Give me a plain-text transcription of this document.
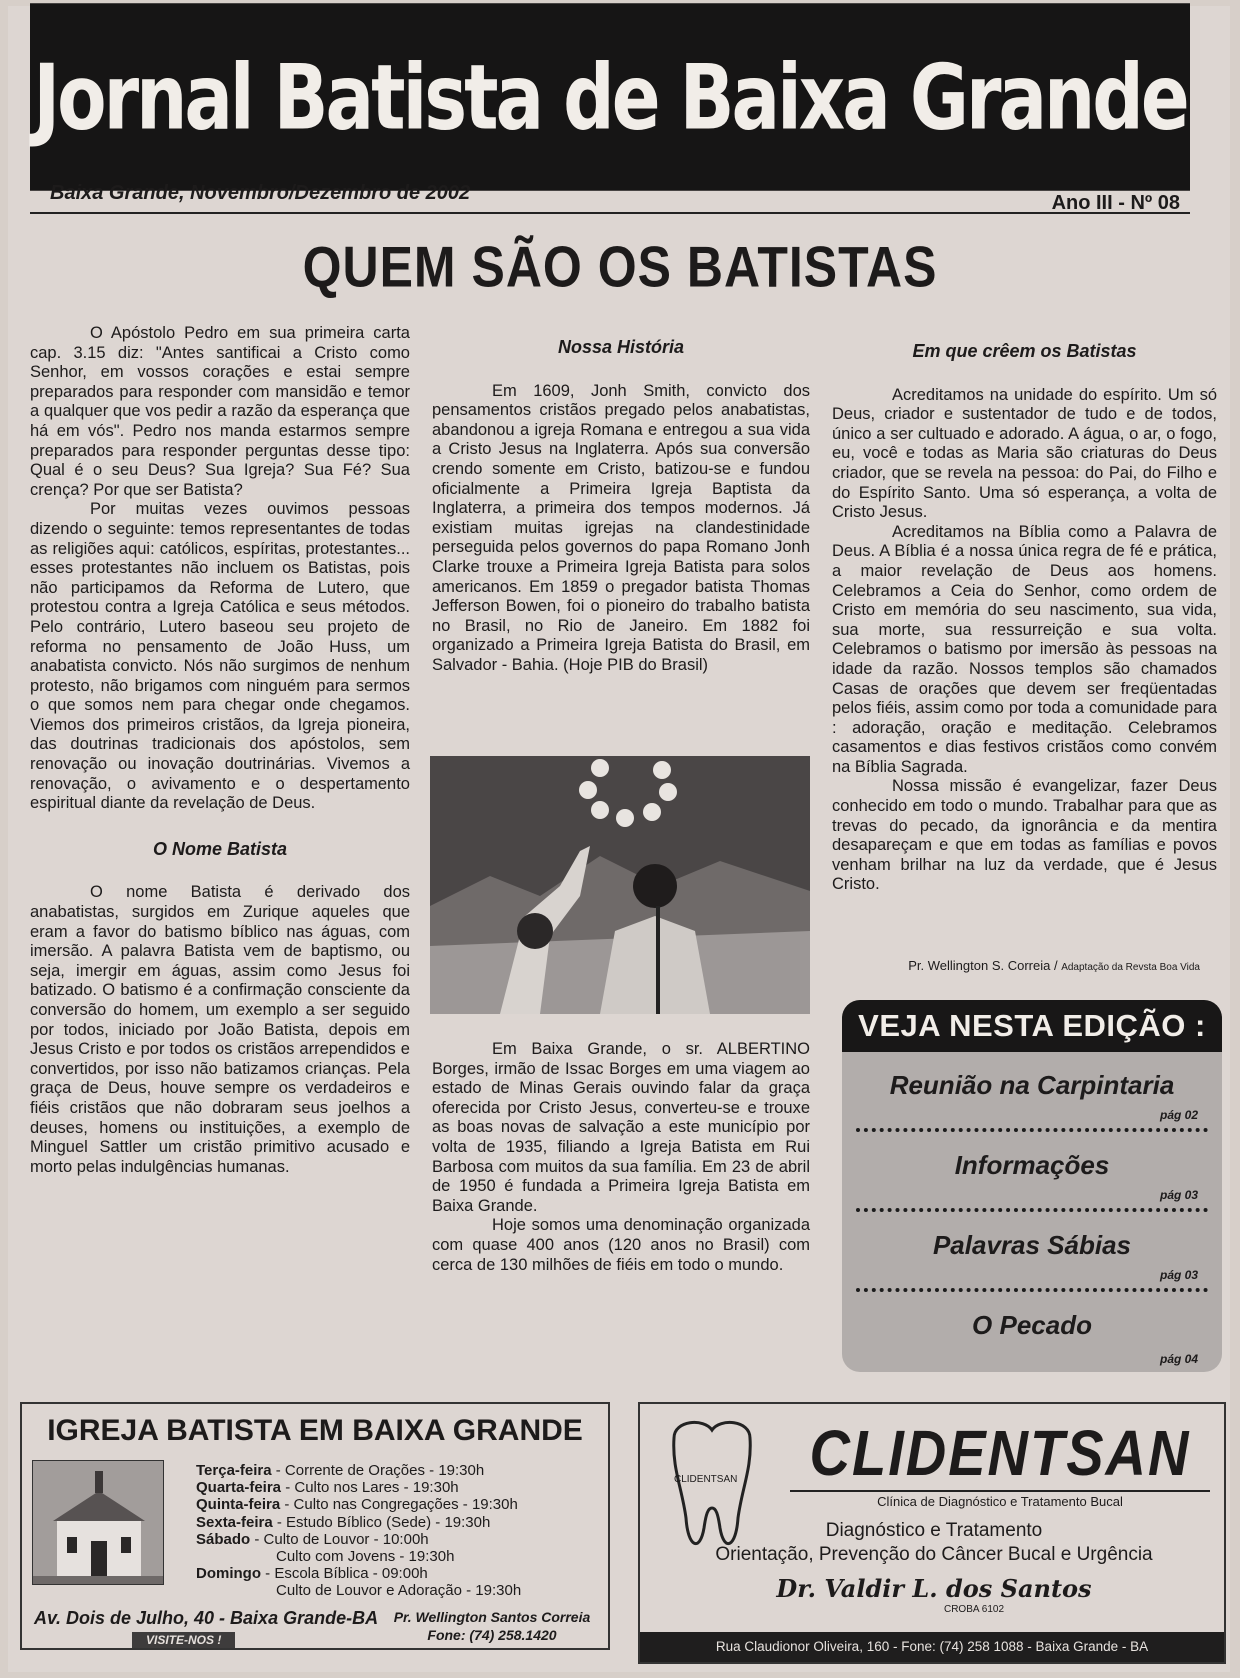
Jornal Batista de Baixa Grande
Baixa Grande, Novembro/Dezembro de 2002	Ano III - Nº 08
QUEM SÃO OS BATISTAS

O Apóstolo Pedro em sua primeira carta cap. 3.15 diz: "Antes santificai a Cristo como Senhor, em vossos corações e estai sempre preparados para responder com mansidão e temor a qualquer que vos pedir a razão da esperança que há em vós". Pedro nos manda estarmos sempre preparados para responder perguntas desse tipo: Qual é o seu Deus? Sua Igreja? Sua Fé? Sua crença? Por que ser Batista?

Por muitas vezes ouvimos pessoas dizendo o seguinte: temos representantes de todas as religiões aqui: católicos, espíritas, protestantes... esses protestantes não incluem os Batistas, pois não participamos da Reforma de Lutero, que protestou contra a Igreja Católica e seus métodos. Pelo contrário, Lutero baseou seu projeto de reforma no pensamento de João Huss, um anabatista convicto. Nós não surgimos de nenhum protesto, não brigamos com ninguém para sermos o que somos nem para chegar onde chegamos. Viemos dos primeiros cristãos, da Igreja pioneira, das doutrinas tradicionais dos apóstolos, sem renovação ou inovação doutrinárias. Vivemos a renovação, o avivamento e o despertamento espiritual diante da revelação de Deus.

O Nome Batista

O nome Batista é derivado dos anabatistas, surgidos em Zurique aqueles que eram a favor do batismo bíblico nas águas, com imersão. A palavra Batista vem de baptismo, ou seja, imergir em águas, assim como Jesus foi batizado. O batismo é a confirmação consciente da conversão do homem, um exemplo a ser seguido por todos, iniciado por João Batista, depois em Jesus Cristo e por todos os cristãos arrependidos e convertidos, por isso não batizamos crianças. Pela graça de Deus, houve sempre os verdadeiros e fiéis cristãos que não dobraram seus joelhos a deuses, homens ou instituições, a exemplo de Minguel Sattler um cristão primitivo acusado e morto pelas indulgências humanas.

Nossa História

Em 1609, Jonh Smith, convicto dos pensamentos cristãos pregado pelos anabatistas, abandonou a igreja Romana e entregou a sua vida a Cristo Jesus na Inglaterra. Após sua conversão crendo somente em Cristo, batizou-se e fundou oficialmente a Primeira Igreja Baptista da Inglaterra, a primeira dos tempos modernos. Já existiam muitas igrejas na clandestinidade perseguida pelos governos do papa Romano Jonh Clarke trouxe a Primeira Igreja Batista para solos americanos. Em 1859 o pregador batista Thomas Jefferson Bowen, foi o pioneiro do trabalho batista no Brasil, no Rio de Janeiro. Em 1882 foi organizado a Primeira Igreja Batista do Brasil, em Salvador - Bahia. (Hoje PIB do Brasil)

Em Baixa Grande, o sr. ALBERTINO Borges, irmão de Issac Borges em uma viagem ao estado de Minas Gerais ouvindo falar da graça oferecida por Cristo Jesus, converteu-se e trouxe as boas novas de salvação a este município por volta de 1935, filiando a Igreja Batista em Rui Barbosa com muitos da sua família. Em 23 de abril de 1950 é fundada a Primeira Igreja Batista em Baixa Grande.

Hoje somos uma denominação organizada com quase 400 anos (120 anos no Brasil) com cerca de 130 milhões de fiéis em todo o mundo.

Em que crêem os Batistas

Acreditamos na unidade do espírito. Um só Deus, criador e sustentador de tudo e de todos, único a ser cultuado e adorado. A água, o ar, o fogo, eu, você e todas as Maria são criaturas do Deus criador, que se revela na pessoa: do Pai, do Filho e do Espírito Santo. Uma só esperança, a volta de Cristo Jesus.

Acreditamos na Bíblia como a Palavra de Deus. A Bíblia é a nossa única regra de fé e prática, a maior revelação de Deus aos homens. Celebramos a Ceia do Senhor, como ordem de Cristo em memória do seu nascimento, sua vida, sua morte, sua ressurreição e sua volta. Celebramos o batismo por imersão às pessoas na idade da razão. Nossos templos são chamados Casas de orações que devem ser freqüentadas pelos fiéis, assim como por toda a comunidade para : adoração, oração e meditação. Celebramos casamentos e dias festivos cristãos como convém na Bíblia Sagrada.

Nossa missão é evangelizar, fazer Deus conhecido em todo o mundo. Trabalhar para que as trevas do pecado, da ignorância e da mentira desapareçam e que em todas as famílias e povos venham brilhar na luz da verdade, que é Jesus Cristo.

Pr. Wellington S. Correia / Adaptação da Revsta Boa Vida
VEJA NESTA EDIÇÃO :
Reunião na Carpintaria
pág 02
Informações
pág 03
Palavras Sábias
pág 03
O Pecado
pág 04
IGREJA BATISTA EM BAIXA GRANDE
Terça-feira - Corrente de Orações - 19:30h
Quarta-feira - Culto nos Lares - 19:30h
Quinta-feira - Culto nas Congregações - 19:30h
Sexta-feira - Estudo Bíblico (Sede) - 19:30h
Sábado - Culto de Louvor - 10:00h
Culto com Jovens - 19:30h
Domingo - Escola Bíblica - 09:00h
Culto de Louvor e Adoração - 19:30h
Av. Dois de Julho, 40 - Baixa Grande-BA	Pr. Wellington Santos Correia
Fone: (74) 258.1420
VISITE-NOS !
CLIDENTSAN	CLIDENTSAN
Clínica de Diagnóstico e Tratamento Bucal
Diagnóstico e Tratamento
Orientação, Prevenção do Câncer Bucal e Urgência
Dr. Valdir L. dos Santos
CROBA 6102
Rua Claudionor Oliveira, 160 - Fone: (74) 258 1088 - Baixa Grande - BA
